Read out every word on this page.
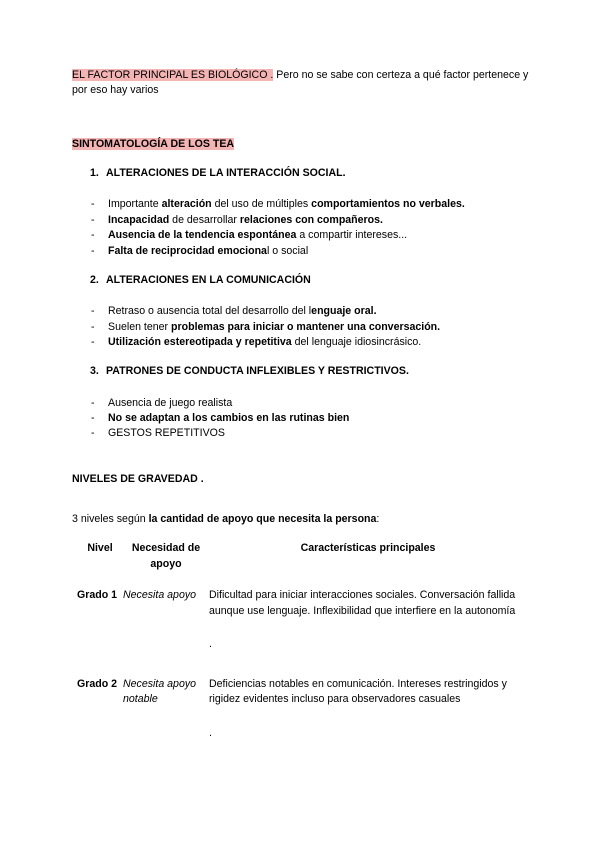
EL FACTOR PRINCIPAL ES BIOLÓGICO . Pero no se sabe con certeza a qué factor pertenece y por eso hay varios

SINTOMATOLOGÍA DE LOS TEA

1. ALTERACIONES DE LA INTERACCIÓN SOCIAL.

- Importante alteración del uso de múltiples comportamientos no verbales.
- Incapacidad de desarrollar relaciones con compañeros.
- Ausencia de la tendencia espontánea a compartir intereses...
- Falta de reciprocidad emocional o social

2. ALTERACIONES EN LA COMUNICACIÓN

- Retraso o ausencia total del desarrollo del lenguaje oral.
- Suelen tener problemas para iniciar o mantener una conversación.
- Utilización estereotipada y repetitiva del lenguaje idiosincrásico.

3. PATRONES DE CONDUCTA INFLEXIBLES Y RESTRICTIVOS.

- Ausencia de juego realista
- No se adaptan a los cambios en las rutinas bien
- GESTOS REPETITIVOS

NIVELES DE GRAVEDAD .

3 niveles según la cantidad de apoyo que necesita la persona:

Nivel	Necesidad de apoyo	Características principales
Grado 1	Necesita apoyo	Dificultad para iniciar interacciones sociales. Conversación fallida aunque use lenguaje. Inflexibilidad que interfiere en la autonomía
		.
Grado 2	Necesita apoyo notable	Deficiencias notables en comunicación. Intereses restringidos y rigidez evidentes incluso para observadores casuales
		.
